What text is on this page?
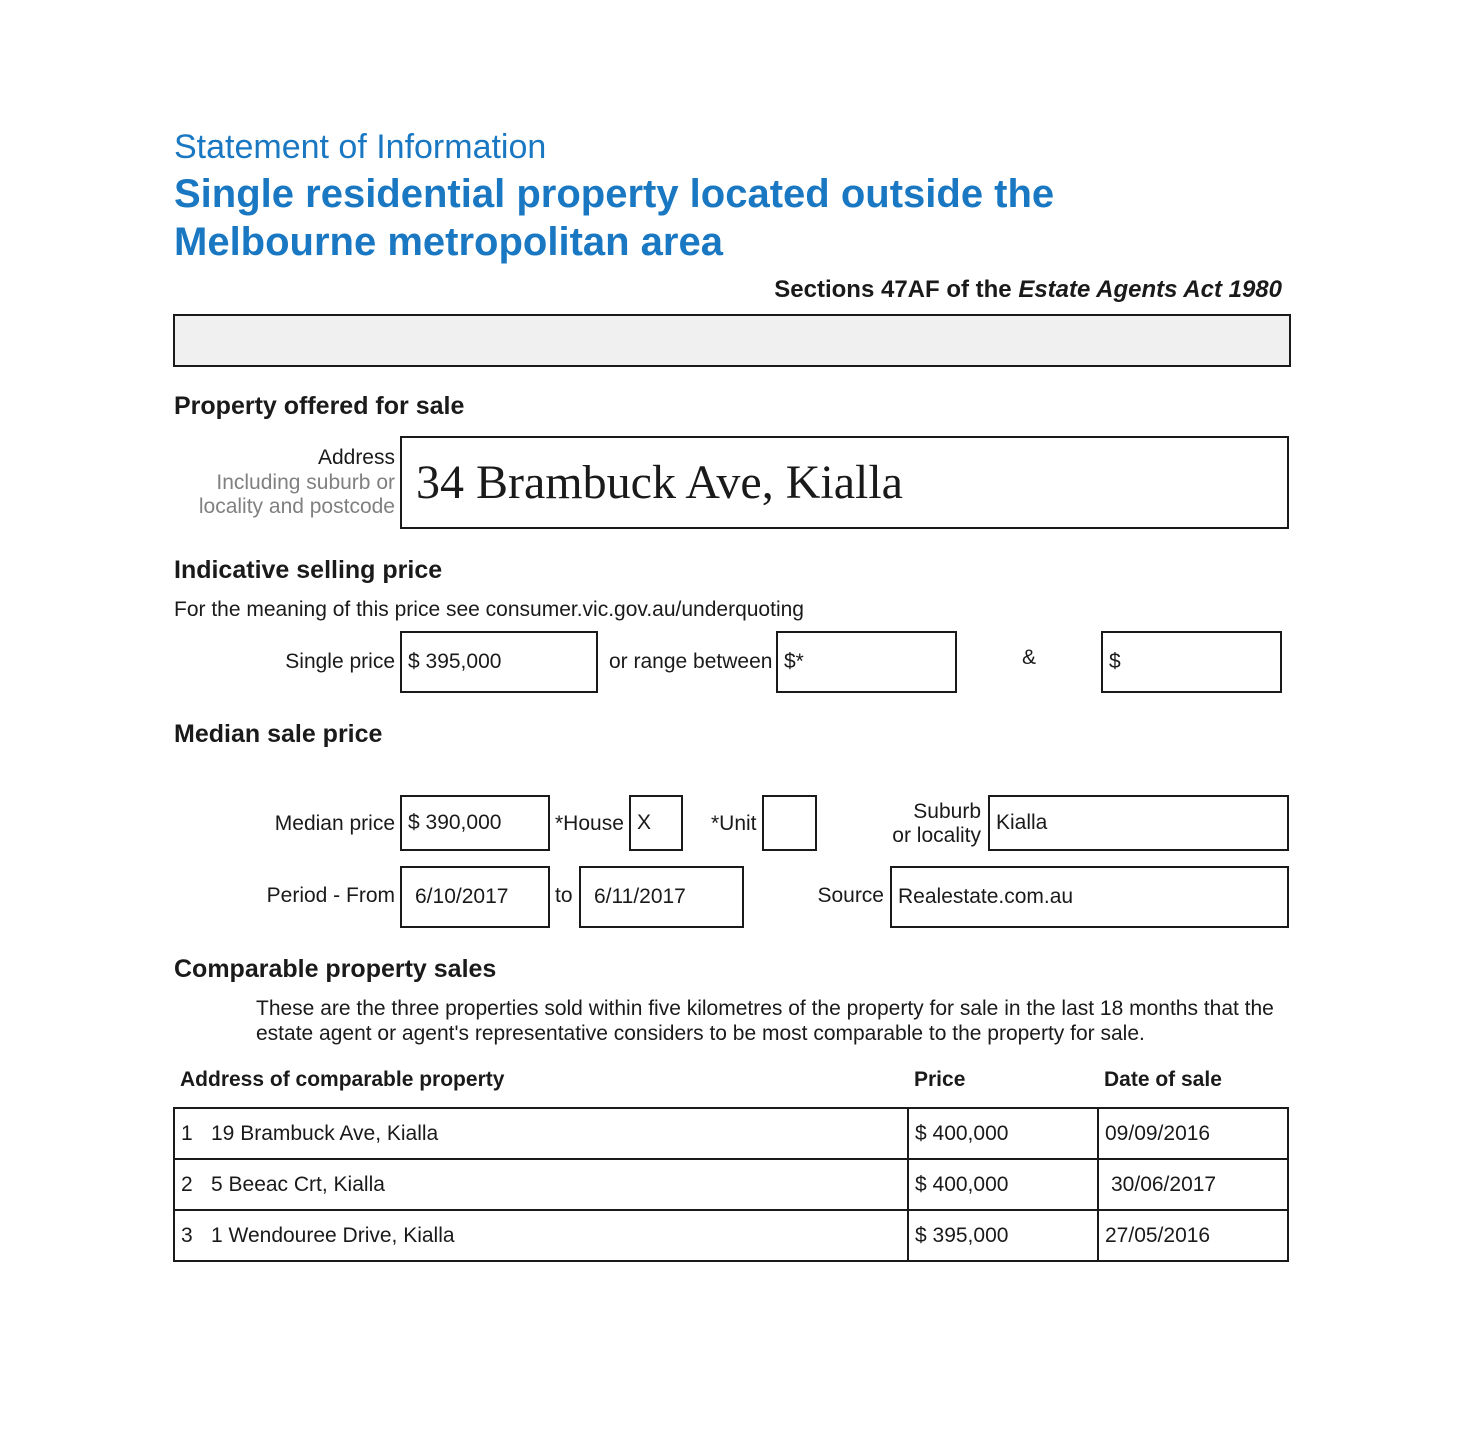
Statement of Information
Single residential property located outside the Melbourne metropolitan area
Sections 47AF of the Estate Agents Act 1980
Property offered for sale
Address
Including suburb or
locality and postcode 34 Brambuck Ave, Kialla
Indicative selling price
For the meaning of this price see consumer.vic.gov.au/underquoting
Single price $ 395,000	or range between $*	&	$
Median sale price
Median price $ 390,000	*House X	*Unit
Suburb
or locality
Kialla
Period - From 6/10/2017 to 6/11/2017	Source Realestate.com.au
Comparable property sales
These are the three properties sold within five kilometres of the property for sale in the last 18 months that the estate agent or agent's representative considers to be most comparable to the property for sale.
Address of comparable property	Price	Date of sale
1 19 Brambuck Ave, Kialla	$ 400,000	09/09/2016
2 5 Beeac Crt, Kialla	$ 400,000	30/06/2017
3 1 Wendouree Drive, Kialla	$ 395,000	27/05/2016
